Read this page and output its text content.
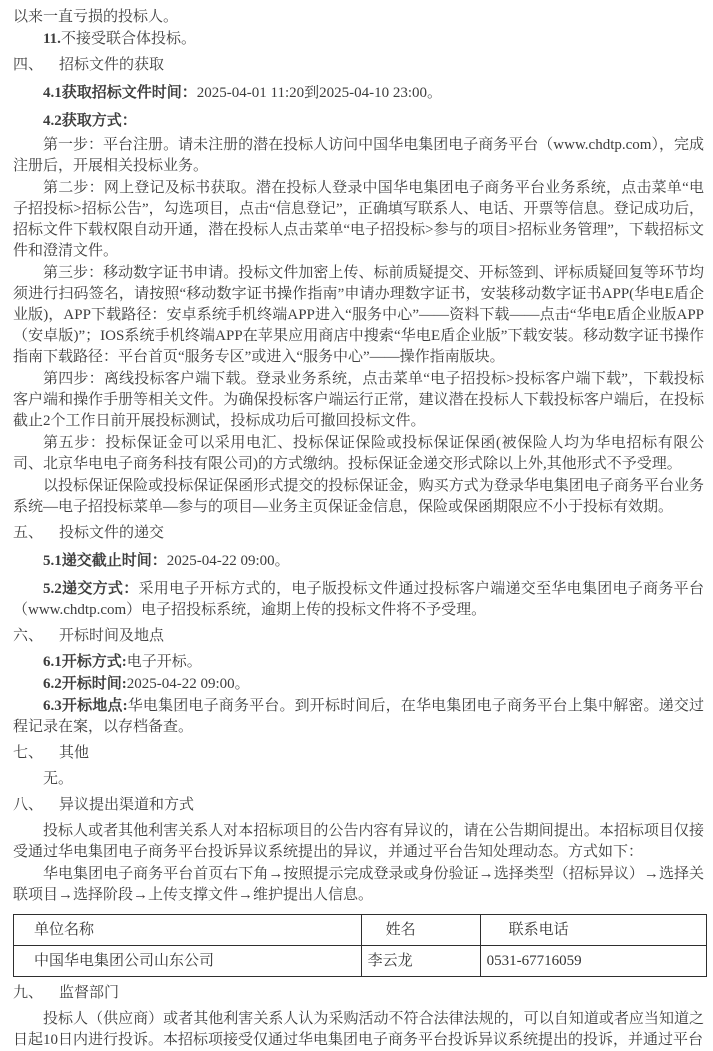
以来一直亏损的投标人。

11.不接受联合体投标。

四、 招标文件的获取

4.1获取招标文件时间：2025-04-01 11:20到2025-04-10 23:00。

4.2获取方式：

第一步：平台注册。请未注册的潜在投标人访问中国华电集团电子商务平台（www.chdtp.com），完成注册后，开展相关投标业务。

第二步：网上登记及标书获取。潜在投标人登录中国华电集团电子商务平台业务系统，点击菜单“电子招投标>招标公告”，勾选项目，点击“信息登记”，正确填写联系人、电话、开票等信息。登记成功后，招标文件下载权限自动开通，潜在投标人点击菜单“电子招投标>参与的项目>招标业务管理”，下载招标文件和澄清文件。

第三步：移动数字证书申请。投标文件加密上传、标前质疑提交、开标签到、评标质疑回复等环节均须进行扫码签名，请按照“移动数字证书操作指南”申请办理数字证书，安装移动数字证书APP(华电E盾企业版)，APP下载路径：安卓系统手机终端APP进入“服务中心”——资料下载——点击“华电E盾企业版APP（安卓版)”；IOS系统手机终端APP在苹果应用商店中搜索“华电E盾企业版”下载安装。移动数字证书操作指南下载路径：平台首页“服务专区”或进入“服务中心”——操作指南版块。

第四步：离线投标客户端下载。登录业务系统，点击菜单“电子招投标>投标客户端下载”，下载投标客户端和操作手册等相关文件。为确保投标客户端运行正常，建议潜在投标人下载投标客户端后，在投标截止2个工作日前开展投标测试，投标成功后可撤回投标文件。

第五步：投标保证金可以采用电汇、投标保证保险或投标保证保函(被保险人均为华电招标有限公司、北京华电电子商务科技有限公司)的方式缴纳。投标保证金递交形式除以上外,其他形式不予受理。

以投标保证保险或投标保证保函形式提交的投标保证金，购买方式为登录华电集团电子商务平台业务系统—电子招投标菜单—参与的项目—业务主页保证金信息，保险或保函期限应不小于投标有效期。

五、 投标文件的递交

5.1递交截止时间：2025-04-22 09:00。

5.2递交方式：采用电子开标方式的，电子版投标文件通过投标客户端递交至华电集团电子商务平台（www.chdtp.com）电子招投标系统，逾期上传的投标文件将不予受理。

六、 开标时间及地点

6.1开标方式:电子开标。

6.2开标时间:2025-04-22 09:00。

6.3开标地点:华电集团电子商务平台。到开标时间后，在华电集团电子商务平台上集中解密。递交过程记录在案，以存档备查。

七、 其他

无。

八、 异议提出渠道和方式

投标人或者其他利害关系人对本招标项目的公告内容有异议的，请在公告期间提出。本招标项目仅接受通过华电集团电子商务平台投诉异议系统提出的异议，并通过平台告知处理动态。方式如下：

华电集团电子商务平台首页右下角→按照提示完成登录或身份验证→选择类型（招标异议）→选择关联项目→选择阶段→上传支撑文件→维护提出人信息。

单位名称	姓名	联系电话
中国华电集团公司山东公司	李云龙	0531-67716059
九、 监督部门

投标人（供应商）或者其他利害关系人认为采购活动不符合法律法规的，可以自知道或者应当知道之日起10日内进行投诉。本招标项接受仅通过华电集团电子商务平台投诉异议系统提出的投诉，并通过平台
